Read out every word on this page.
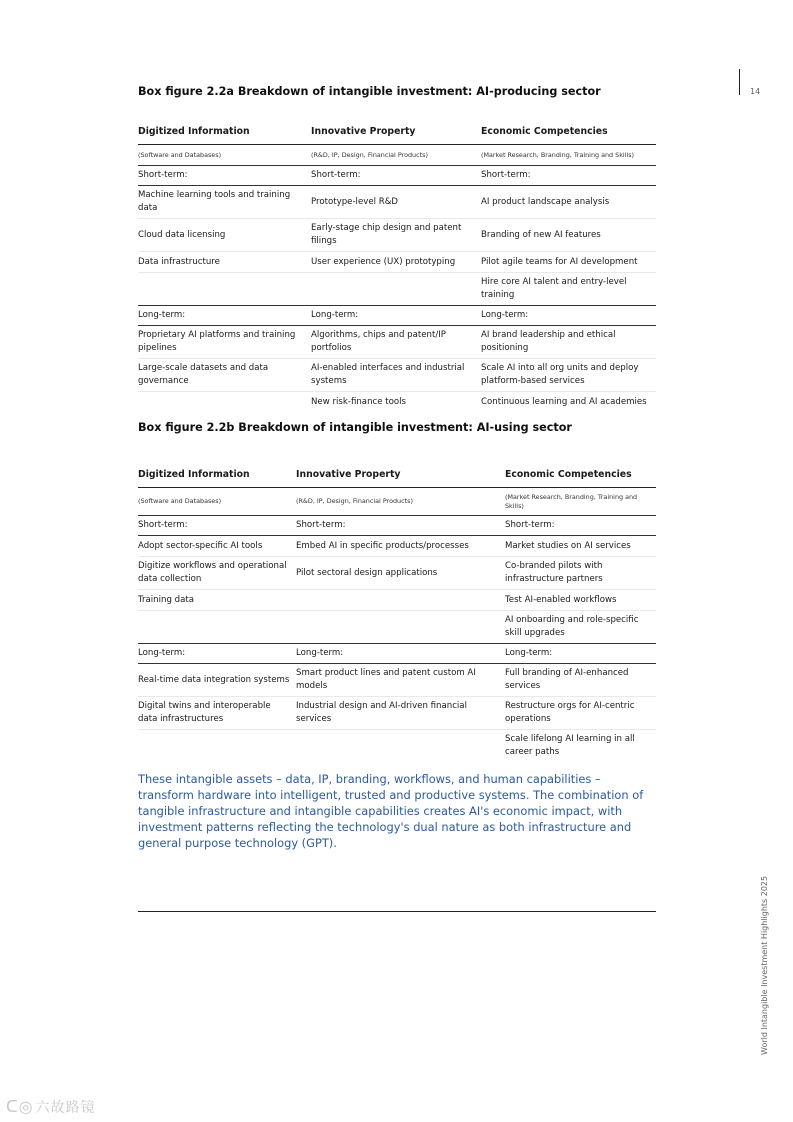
14
Box figure 2.2a Breakdown of intangible investment: AI-producing sector
Digitized Information	Innovative Property	Economic Competencies
(Software and Databases)	(R&D, IP, Design, Financial Products)	(Market Research, Branding, Training and Skills)
Short-term:	Short-term:	Short-term:
Machine learning tools and training data	Prototype-level R&D	AI product landscape analysis
Cloud data licensing	Early-stage chip design and patent filings	Branding of new AI features
Data infrastructure	User experience (UX) prototyping	Pilot agile teams for AI development
		Hire core AI talent and entry-level training
Long-term:	Long-term:	Long-term:
Proprietary AI platforms and training pipelines	Algorithms, chips and patent/IP portfolios	AI brand leadership and ethical positioning
Large-scale datasets and data governance	AI-enabled interfaces and industrial systems	Scale AI into all org units and deploy platform-based services
	New risk-finance tools	Continuous learning and AI academies
Box figure 2.2b Breakdown of intangible investment: AI-using sector
Digitized Information	Innovative Property	Economic Competencies
(Software and Databases)	(R&D, IP, Design, Financial Products)	(Market Research, Branding, Training and Skills)
Short-term:	Short-term:	Short-term:
Adopt sector-specific AI tools	Embed AI in specific products/processes	Market studies on AI services
Digitize workflows and operational data collection	Pilot sectoral design applications	Co-branded pilots with infrastructure partners
Training data		Test AI-enabled workflows
		AI onboarding and role-specific skill upgrades
Long-term:	Long-term:	Long-term:
Real-time data integration systems	Smart product lines and patent custom AI models	Full branding of AI-enhanced services
Digital twins and interoperable data infrastructures	Industrial design and AI-driven financial services	Restructure orgs for AI-centric operations
		Scale lifelong AI learning in all career paths

These intangible assets – data, IP, branding, workflows, and human capabilities – transform hardware into intelligent, trusted and productive systems. The combination of tangible infrastructure and intangible capabilities creates AI's economic impact, with investment patterns reflecting the technology's dual nature as both infrastructure and general purpose technology (GPT).

World Intangible Investment Highlights 2025
ᑕ◎ 六故路镜
